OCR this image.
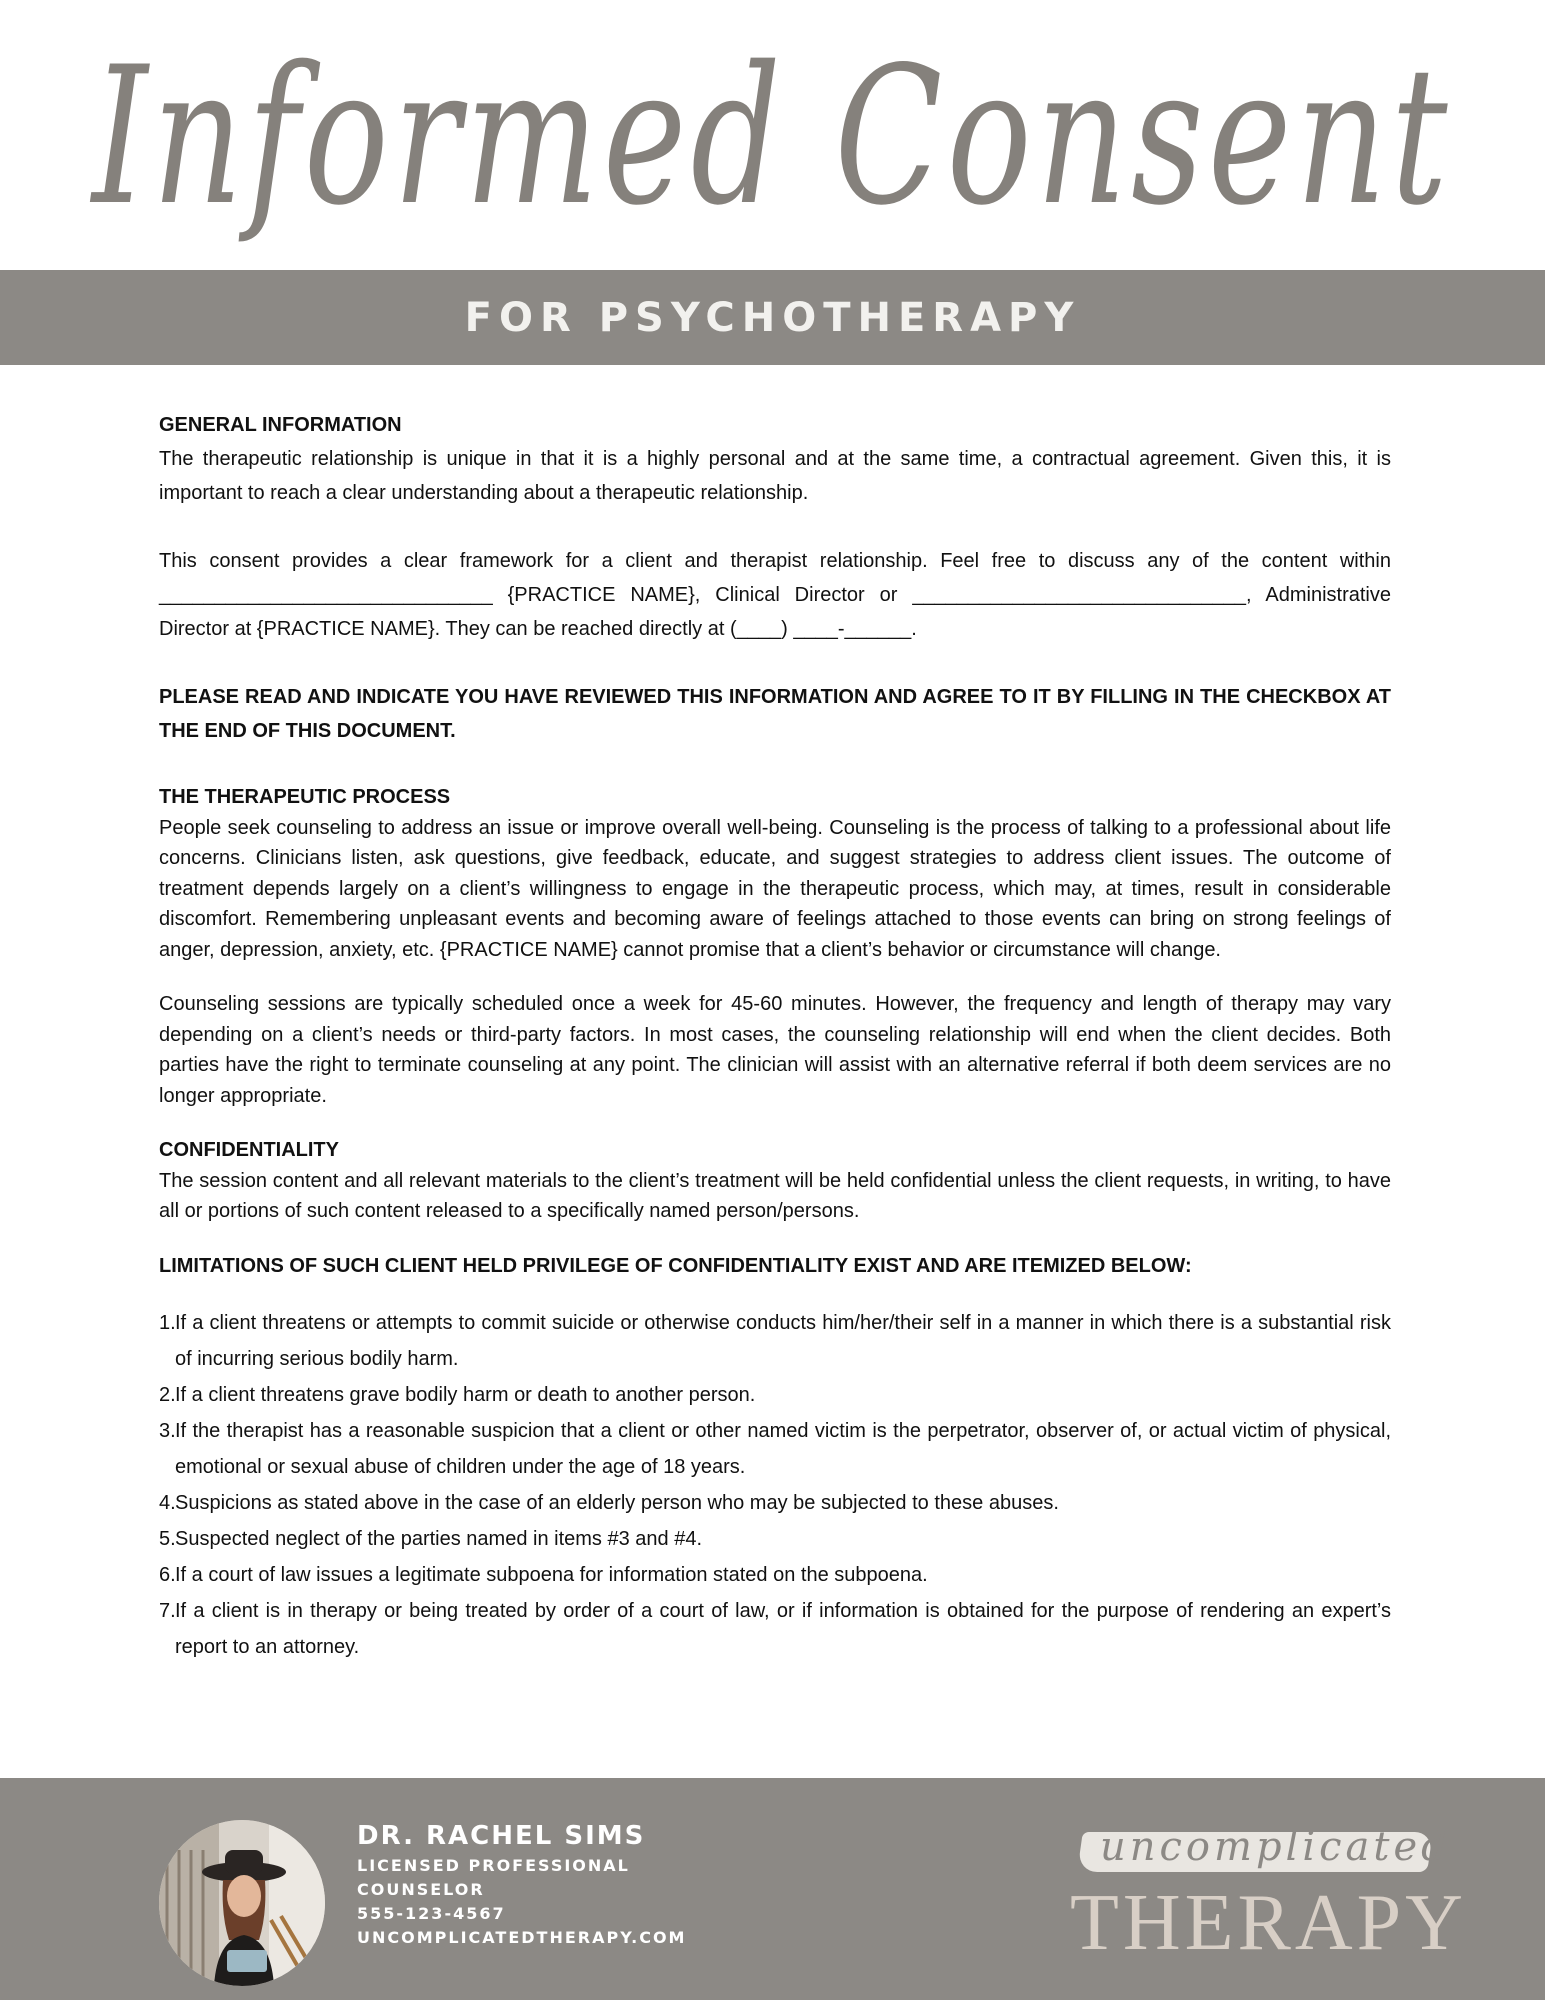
Informed Consent
FOR PSYCHOTHERAPY
GENERAL INFORMATION

The therapeutic relationship is unique in that it is a highly personal and at the same time, a contractual agreement. Given this, it is important to reach a clear understanding about a therapeutic relationship.

This consent provides a clear framework for a client and therapist relationship. Feel free to discuss any of the content within ______________________________ {PRACTICE NAME}, Clinical Director or ______________________________, Administrative Director at {PRACTICE NAME}. They can be reached directly at (____) ____-______.

PLEASE READ AND INDICATE YOU HAVE REVIEWED THIS INFORMATION AND AGREE TO IT BY FILLING IN THE CHECKBOX AT THE END OF THIS DOCUMENT.

THE THERAPEUTIC PROCESS

People seek counseling to address an issue or improve overall well-being. Counseling is the process of talking to a professional about life concerns. Clinicians listen, ask questions, give feedback, educate, and suggest strategies to address client issues. The outcome of treatment depends largely on a client’s willingness to engage in the therapeutic process, which may, at times, result in considerable discomfort. Remembering unpleasant events and becoming aware of feelings attached to those events can bring on strong feelings of anger, depression, anxiety, etc. {PRACTICE NAME} cannot promise that a client’s behavior or circumstance will change.

Counseling sessions are typically scheduled once a week for 45-60 minutes. However, the frequency and length of therapy may vary depending on a client’s needs or third-party factors. In most cases, the counseling relationship will end when the client decides. Both parties have the right to terminate counseling at any point. The clinician will assist with an alternative referral if both deem services are no longer appropriate.

CONFIDENTIALITY

The session content and all relevant materials to the client’s treatment will be held confidential unless the client requests, in writing, to have all or portions of such content released to a specifically named person/persons.

LIMITATIONS OF SUCH CLIENT HELD PRIVILEGE OF CONFIDENTIALITY EXIST AND ARE ITEMIZED BELOW:
1. If a client threatens or attempts to commit suicide or otherwise conducts him/her/their self in a manner in which there is a substantial risk of incurring serious bodily harm.
2. If a client threatens grave bodily harm or death to another person.
3. If the therapist has a reasonable suspicion that a client or other named victim is the perpetrator, observer of, or actual victim of physical, emotional or sexual abuse of children under the age of 18 years.
4. Suspicions as stated above in the case of an elderly person who may be subjected to these abuses.
5. Suspected neglect of the parties named in items #3 and #4.
6. If a court of law issues a legitimate subpoena for information stated on the subpoena.
7. If a client is in therapy or being treated by order of a court of law, or if information is obtained for the purpose of rendering an expert’s report to an attorney.
DR. RACHEL SIMS
LICENSED PROFESSIONAL
COUNSELOR
555-123-4567
UNCOMPLICATEDTHERAPY.COM
uncomplicated
THERAPY
